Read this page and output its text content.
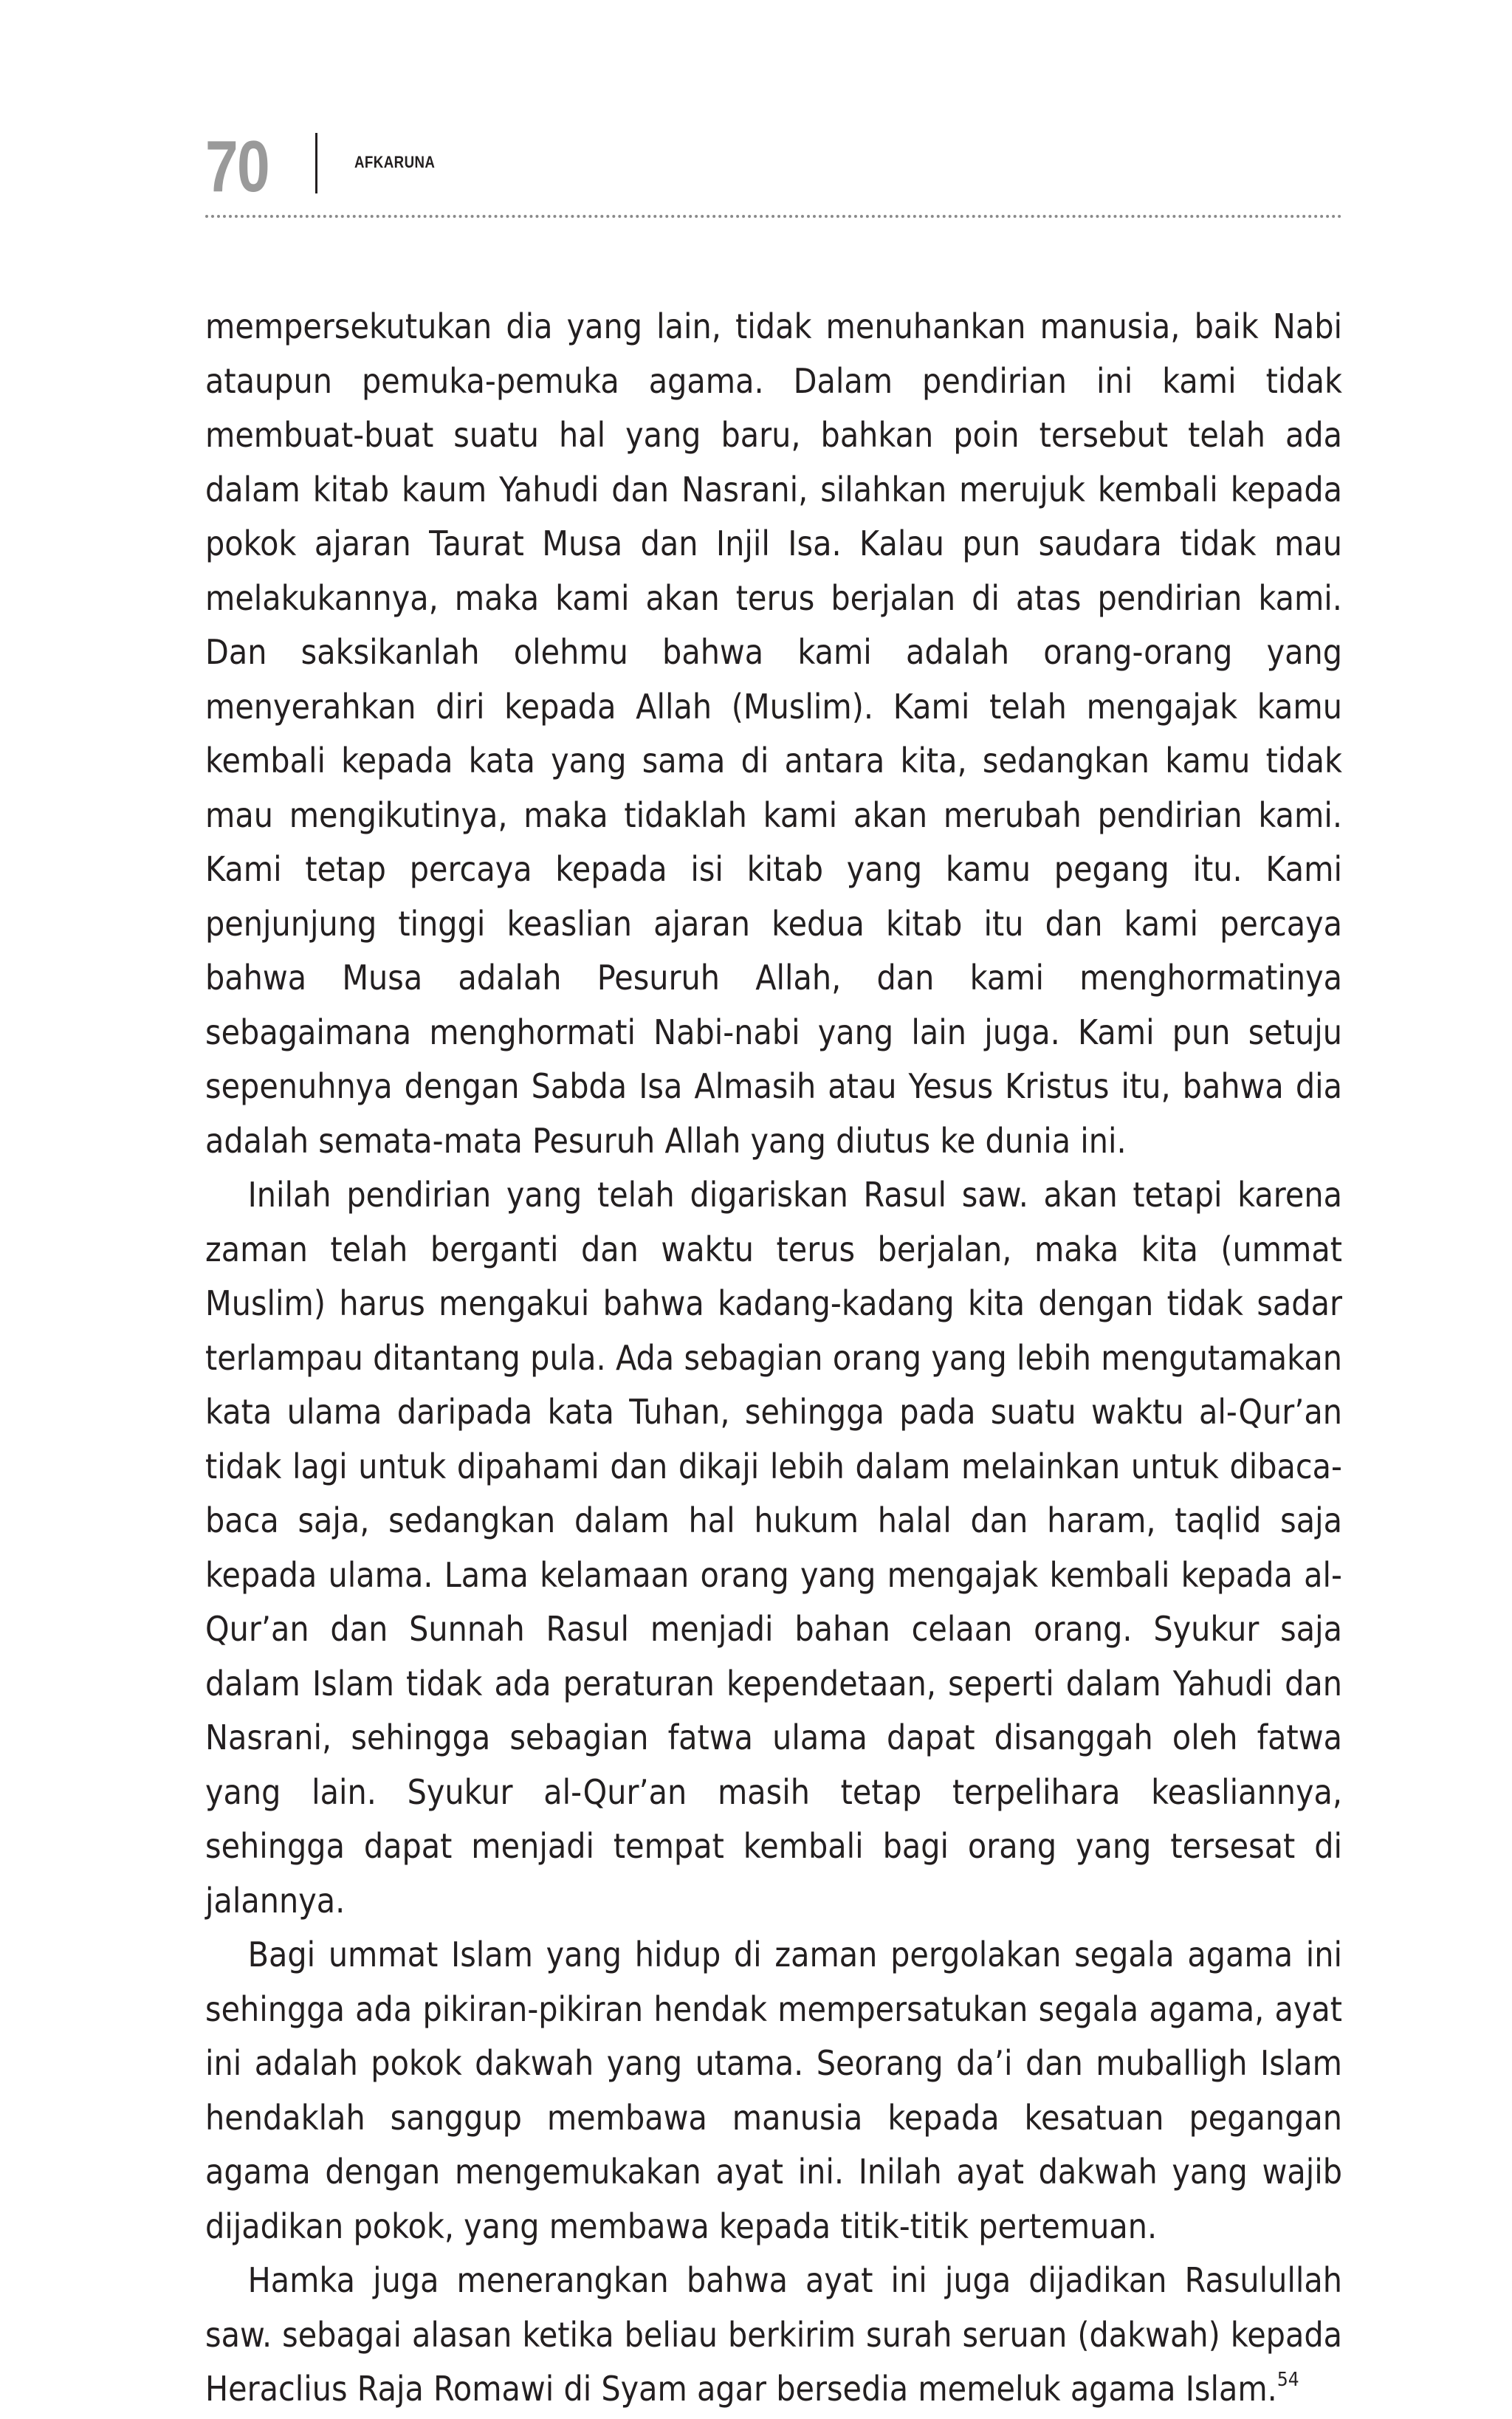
70	AFKARUNA

mempersekutukan dia yang lain, tidak menuhankan manusia, baik Nabi ataupun pemuka-pemuka agama. Dalam pendirian ini kami tidak membuat-buat suatu hal yang baru, bahkan poin tersebut telah ada dalam kitab kaum Yahudi dan Nasrani, silahkan merujuk kembali kepada pokok ajaran Taurat Musa dan Injil Isa. Kalau pun saudara tidak mau melakukannya, maka kami akan terus berjalan di atas pendirian kami. Dan saksikanlah olehmu bahwa kami adalah orang-orang yang menyerahkan diri kepada Allah (Muslim). Kami telah mengajak kamu kembali kepada kata yang sama di antara kita, sedangkan kamu tidak mau mengikutinya, maka tidaklah kami akan merubah pendirian kami. Kami tetap percaya kepada isi kitab yang kamu pegang itu. Kami penjunjung tinggi keaslian ajaran kedua kitab itu dan kami percaya bahwa Musa adalah Pesuruh Allah, dan kami menghormatinya sebagaimana menghormati Nabi-nabi yang lain juga. Kami pun setuju sepenuhnya dengan Sabda Isa Almasih atau Yesus Kristus itu, bahwa dia adalah semata-mata Pesuruh Allah yang diutus ke dunia ini.

Inilah pendirian yang telah digariskan Rasul saw. akan tetapi karena zaman telah berganti dan waktu terus berjalan, maka kita (ummat Muslim) harus mengakui bahwa kadang-kadang kita dengan tidak sadar terlampau ditantang pula. Ada sebagian orang yang lebih mengutamakan kata ulama daripada kata Tuhan, sehingga pada suatu waktu al-Qur’an tidak lagi untuk dipahami dan dikaji lebih dalam melainkan untuk dibaca-baca saja, sedangkan dalam hal hukum halal dan haram, taqlid saja kepada ulama. Lama kelamaan orang yang mengajak kembali kepada al-Qur’an dan Sunnah Rasul menjadi bahan celaan orang. Syukur saja dalam Islam tidak ada peraturan kependetaan, seperti dalam Yahudi dan Nasrani, sehingga sebagian fatwa ulama dapat disanggah oleh fatwa yang lain. Syukur al-Qur’an masih tetap terpelihara keasliannya, sehingga dapat menjadi tempat kembali bagi orang yang tersesat di jalannya.

Bagi ummat Islam yang hidup di zaman pergolakan segala agama ini sehingga ada pikiran-pikiran hendak mempersatukan segala agama, ayat ini adalah pokok dakwah yang utama. Seorang da’i dan muballigh Islam hendaklah sanggup membawa manusia kepada kesatuan pegangan agama dengan mengemukakan ayat ini. Inilah ayat dakwah yang wajib dijadikan pokok, yang membawa kepada titik-titik pertemuan.

Hamka juga menerangkan bahwa ayat ini juga dijadikan Rasulullah saw. sebagai alasan ketika beliau berkirim surah seruan (dakwah) kepada Heraclius Raja Romawi di Syam agar bersedia memeluk agama Islam.$^{54}$
